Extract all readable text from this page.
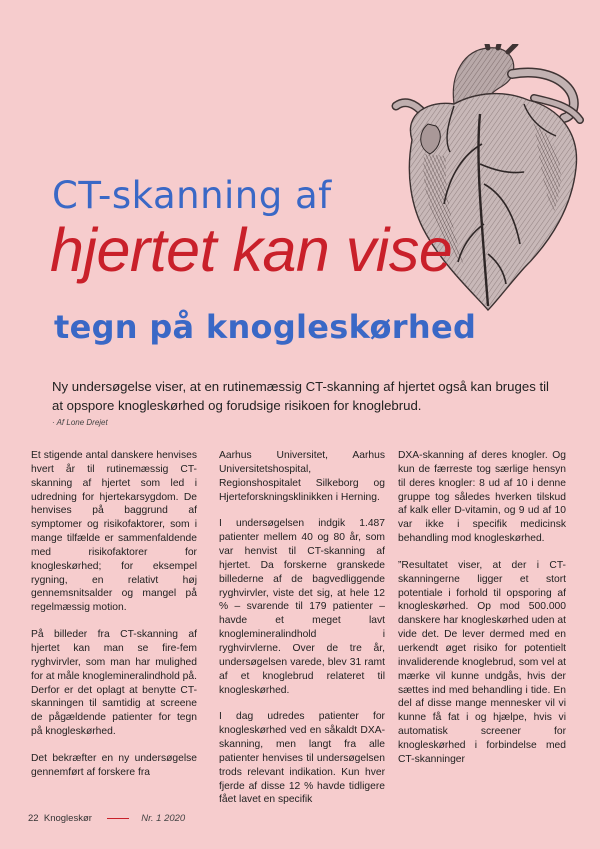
CT-skanning af
hjertet kan vise
tegn på knogleskørhed
Ny undersøgelse viser, at en rutinemæssig CT-skanning af hjertet også kan bruges til at opspore knogleskørhed og forudsige risikoen for knoglebrud.
· Af Lone Drejet

Et stigende antal danskere henvises hvert år til rutinemæssig CT-skanning af hjertet som led i udredning for hjertekarsygdom. De henvises på baggrund af symptomer og risikofaktorer, som i mange tilfælde er sammenfaldende med risikofaktorer for knogleskørhed; for eksempel rygning, en relativt høj gennemsnitsalder og mangel på regelmæssig motion.

På billeder fra CT-skanning af hjertet kan man se fire-fem ryghvirvler, som man har mulighed for at måle knoglemineralindhold på. Derfor er det oplagt at benytte CT-skanningen til samtidig at screene de pågældende patienter for tegn på knogleskørhed.

Det bekræfter en ny undersøgelse gennemført af forskere fra

Aarhus Universitet, Aarhus Universitetshospital, Regionshospitalet Silkeborg og Hjerteforskningsklinikken i Herning.

I undersøgelsen indgik 1.487 patienter mellem 40 og 80 år, som var henvist til CT-skanning af hjertet. Da forskerne granskede billederne af de bagvedliggende ryghvirvler, viste det sig, at hele 12 % – svarende til 179 patienter – havde et meget lavt knoglemineralindhold i ryghvirvlerne. Over de tre år, undersøgelsen varede, blev 31 ramt af et knoglebrud relateret til knogleskørhed.

I dag udredes patienter for knogleskørhed ved en såkaldt DXA-skanning, men langt fra alle patienter henvises til undersøgelsen trods relevant indikation. Kun hver fjerde af disse 12 % havde tidligere fået lavet en specifik

DXA-skanning af deres knogler. Og kun de færreste tog særlige hensyn til deres knogler: 8 ud af 10 i denne gruppe tog således hverken tilskud af kalk eller D-vitamin, og 9 ud af 10 var ikke i specifik medicinsk behandling mod knogleskørhed.

”Resultatet viser, at der i CT-skanningerne ligger et stort potentiale i forhold til opsporing af knogleskørhed. Op mod 500.000 danskere har knogleskørhed uden at vide det. De lever dermed med en uerkendt øget risiko for potentielt invaliderende knoglebrud, som vel at mærke vil kunne undgås, hvis der sættes ind med behandling i tide. En del af disse mange mennesker vil vi kunne få fat i og hjælpe, hvis vi automatisk screener for knogleskørhed i forbindelse med CT-skanninger

22 Knogleskør	Nr. 1 2020
